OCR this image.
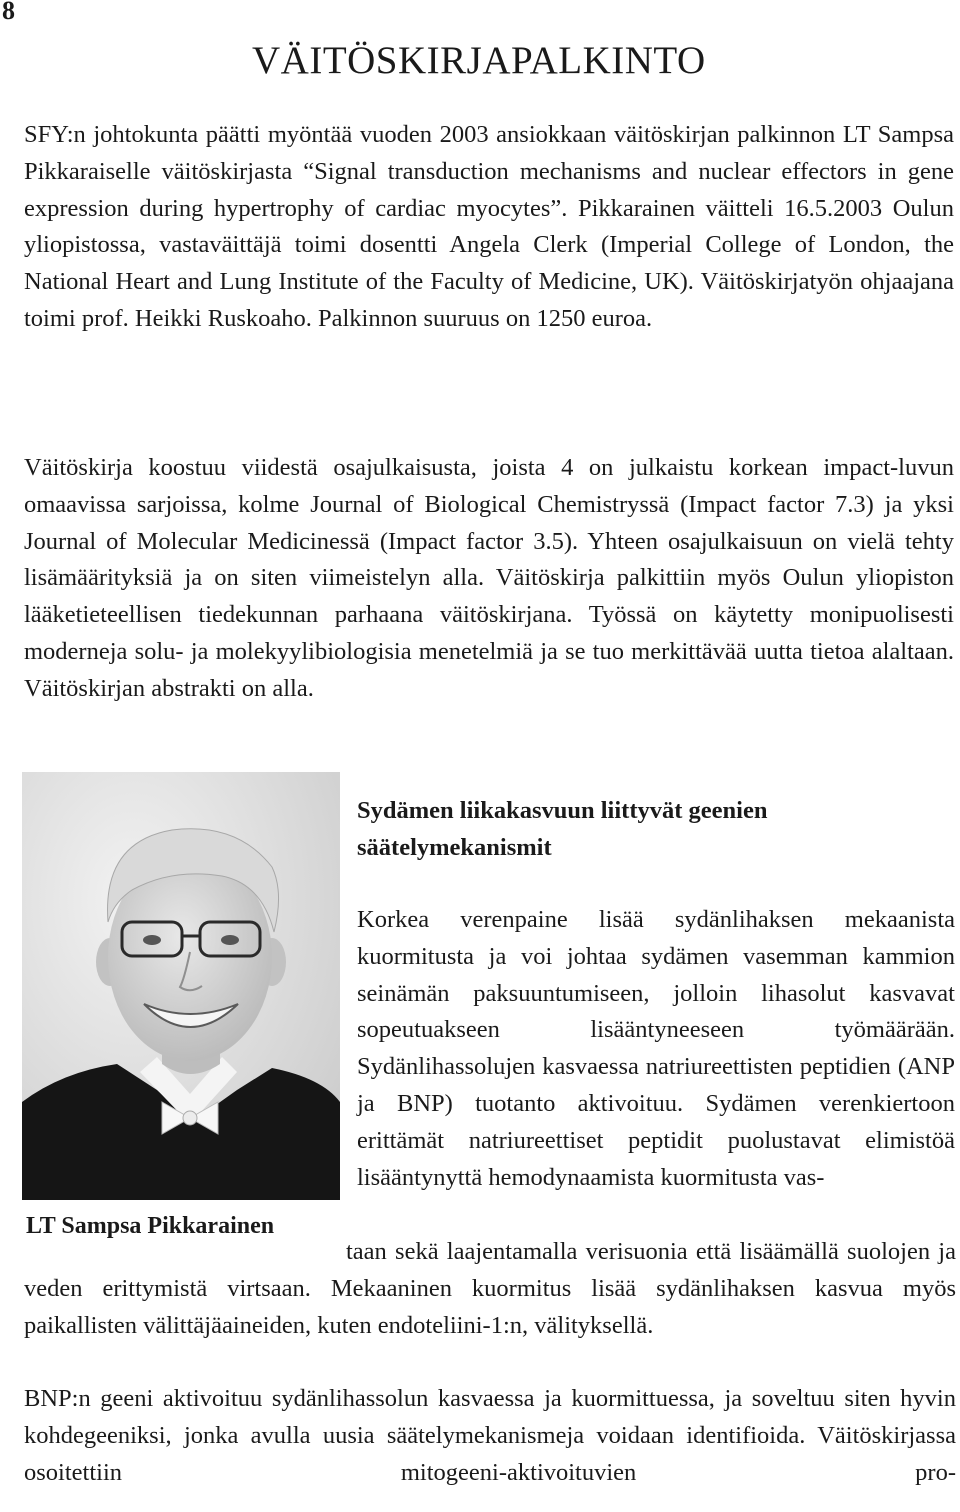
8
VÄITÖSKIRJAPALKINTO

SFY:n johtokunta päätti myöntää vuoden 2003 ansiokkaan väitöskirjan palkinnon LT Sampsa Pikkaraiselle väitöskirjasta “Signal transduction mechanisms and nuclear effectors in gene expression during hypertrophy of cardiac myocytes”. Pikkarainen väitteli 16.5.2003 Oulun yliopistossa, vastaväittäjä toimi dosentti Angela Clerk (Imperial College of London, the National Heart and Lung Institute of the Faculty of Medicine, UK). Väitöskirjatyön ohjaajana toimi prof. Heikki Ruskoaho. Palkinnon suuruus on 1250 euroa.

Väitöskirja koostuu viidestä osajulkaisusta, joista 4 on julkaistu korkean impact-luvun omaavissa sarjoissa, kolme Journal of Biological Chemistryssä (Impact factor 7.3) ja yksi Journal of Molecular Medicinessä (Impact factor 3.5). Yhteen osajulkaisuun on vielä tehty lisämäärityksiä ja on siten viimeistelyn alla. Väitöskirja palkittiin myös Oulun yliopiston lääketieteellisen tiedekunnan parhaana väitöskirjana. Työssä on käytetty monipuolisesti moderneja solu- ja molekyylibiologisia menetelmiä ja se tuo merkittävää uutta tietoa alaltaan. Väitöskirjan abstrakti on alla.

LT Sampsa Pikkarainen

Sydämen liikakasvuun liittyvät geenien säätelymekanismit

Korkea verenpaine lisää sydänlihaksen mekaanista kuormitusta ja voi johtaa sydämen vasemman kammion seinämän paksuuntumiseen, jolloin lihasolut kasvavat sopeutuakseen lisääntyneeseen työmäärään. Sydänlihassolujen kasvaessa natriureettisten peptidien (ANP ja BNP) tuotanto aktivoituu. Sydämen verenkiertoon erittämät natriureettiset peptidit puolustavat elimistöä lisääntynyttä hemodynaamista kuormitusta vas-

taan sekä laajentamalla verisuonia että lisäämällä suolojen ja veden erittymistä virtsaan. Mekaaninen kuormitus lisää sydänlihaksen kasvua myös paikallisten välittäjäaineiden, kuten endoteliini-1:n, välityksellä.

BNP:n geeni aktivoituu sydänlihassolun kasvaessa ja kuormittuessa, ja soveltuu siten hyvin kohdegeeniksi, jonka avulla uusia säätelymekanismeja voidaan identifioida. Väitöskirjassa osoitettiin mitogeeni-aktivoituvien pro-
